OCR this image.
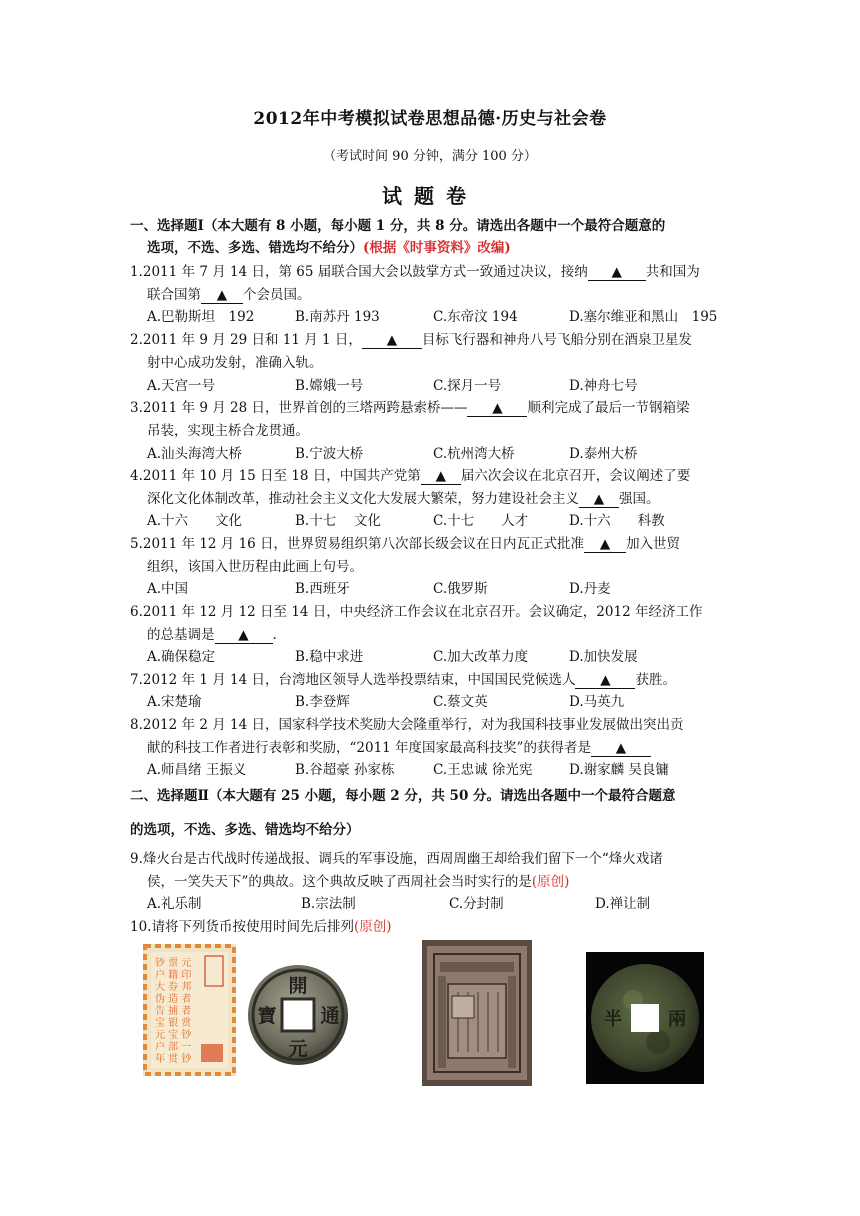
2012年中考模拟试卷思想品德·历史与社会卷
（考试时间 90 分钟，满分 100 分）
试题卷
一、选择题Ⅰ（本大题有 8 小题，每小题 1 分，共 8 分。请选出各题中一个最符合题意的
选项，不选、多选、错选均不给分）(根据《时事资料》改编)
1.2011 年 7 月 14 日，第 65 届联合国大会以鼓掌方式一致通过决议，接纳 ▲ 共和国为
联合国第 ▲ 个会员国。
A.巴勒斯坦　192	B.南苏丹 193	C.东帝汶 194	D.塞尔维亚和黑山　195
2.2011 年 9 月 29 日和 11 月 1 日， ▲ 目标飞行器和神舟八号飞船分别在酒泉卫星发
射中心成功发射，准确入轨。
A.天宫一号	B.嫦娥一号	C.探月一号	D.神舟七号
3.2011 年 9 月 28 日，世界首创的三塔两跨悬索桥—— ▲ 顺利完成了最后一节钢箱梁
吊装，实现主桥合龙贯通。
A.汕头海湾大桥	B.宁波大桥	C.杭州湾大桥	D.泰州大桥
4.2011 年 10 月 15 日至 18 日，中国共产党第 ▲ 届六次会议在北京召开，会议阐述了要
深化文化体制改革，推动社会主义文化大发展大繁荣，努力建设社会主义 ▲ 强国。
A.十六　　文化	B.十七　 文化	C.十七　　人才	D.十六　　科教
5.2011 年 12 月 16 日，世界贸易组织第八次部长级会议在日内瓦正式批准 ▲ 加入世贸
组织，该国入世历程由此画上句号。
A.中国	B.西班牙	C.俄罗斯	D.丹麦
6.2011 年 12 月 12 日至 14 日，中央经济工作会议在北京召开。会议确定，2012 年经济工作
的总基调是 ▲ .
A.确保稳定	B.稳中求进	C.加大改革力度	D.加快发展
7.2012 年 1 月 14 日，台湾地区领导人选举投票结束，中国国民党候选人 ▲ 获胜。
A.宋楚瑜	B.李登辉	C.蔡文英	D.马英九
8.2012 年 2 月 14 日，国家科学技术奖励大会隆重举行，对为我国科技事业发展做出突出贡
献的科技工作者进行表彰和奖励，“2011 年度国家最高科技奖”的获得者是 ▲
A.师昌绪 王振义	B.谷超豪 孙家栋	C.王忠诚 徐光宪	D.谢家麟 吴良镛
二、选择题Ⅱ（本大题有 25 小题，每小题 2 分，共 50 分。请选出各题中一个最符合题意
的选项，不选、多选、错选均不给分）
9.烽火台是古代战时传递战报、调兵的军事设施，西周周幽王却给我们留下一个“烽火戏诸
侯，一笑失天下”的典故。这个典故反映了西周社会当时实行的是(原创)
A.礼乐制	B.宗法制	C.分封制	D.禅让制
10.请将下列货币按使用时间先后排列(原创)
钞 票 元
户 籍 印
大 券 邦
伪 造 者
告 捕 者
宝 银 赏
元 宝 钞
户 部 一
年 贯 钞
開
元
通
寶	半	兩
